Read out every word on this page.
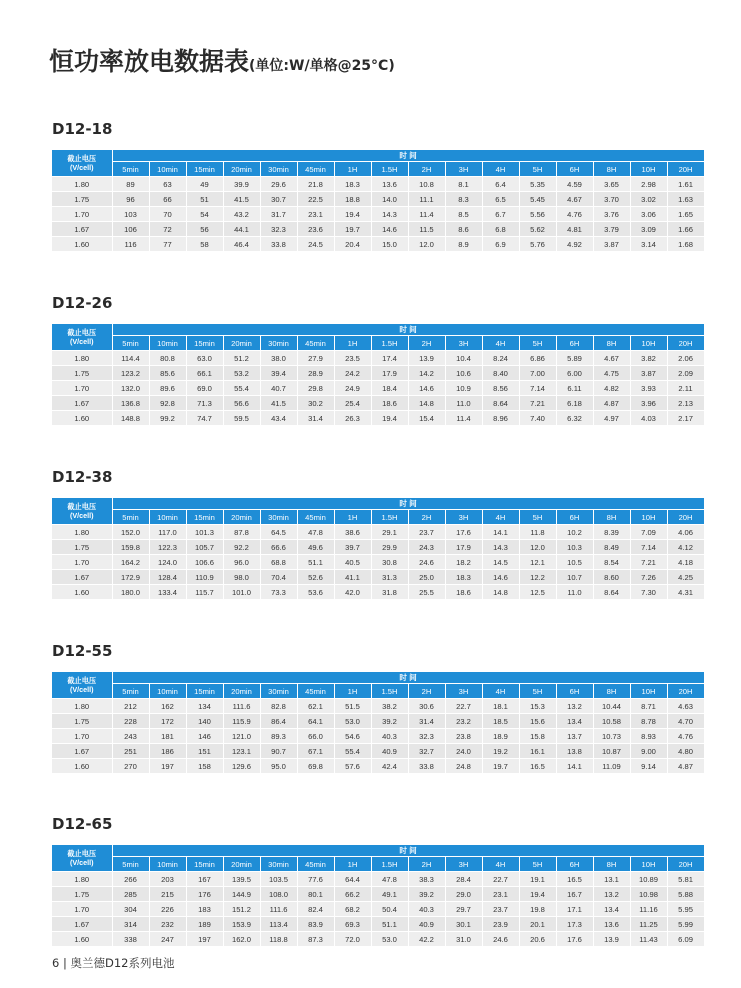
恒功率放电数据表(单位:W/单格@25°C)
D12-18
截止电压
(V/cell)	时 间															
	5min	10min	15min	20min	30min	45min	1H	1.5H	2H	3H	4H	5H	6H	8H	10H	20H
1.80	89	63	49	39.9	29.6	21.8	18.3	13.6	10.8	8.1	6.4	5.35	4.59	3.65	2.98	1.61
1.75	96	66	51	41.5	30.7	22.5	18.8	14.0	11.1	8.3	6.5	5.45	4.67	3.70	3.02	1.63
1.70	103	70	54	43.2	31.7	23.1	19.4	14.3	11.4	8.5	6.7	5.56	4.76	3.76	3.06	1.65
1.67	106	72	56	44.1	32.3	23.6	19.7	14.6	11.5	8.6	6.8	5.62	4.81	3.79	3.09	1.66
1.60	116	77	58	46.4	33.8	24.5	20.4	15.0	12.0	8.9	6.9	5.76	4.92	3.87	3.14	1.68
D12-26
截止电压
(V/cell)	时 间															
	5min	10min	15min	20min	30min	45min	1H	1.5H	2H	3H	4H	5H	6H	8H	10H	20H
1.80	114.4	80.8	63.0	51.2	38.0	27.9	23.5	17.4	13.9	10.4	8.24	6.86	5.89	4.67	3.82	2.06
1.75	123.2	85.6	66.1	53.2	39.4	28.9	24.2	17.9	14.2	10.6	8.40	7.00	6.00	4.75	3.87	2.09
1.70	132.0	89.6	69.0	55.4	40.7	29.8	24.9	18.4	14.6	10.9	8.56	7.14	6.11	4.82	3.93	2.11
1.67	136.8	92.8	71.3	56.6	41.5	30.2	25.4	18.6	14.8	11.0	8.64	7.21	6.18	4.87	3.96	2.13
1.60	148.8	99.2	74.7	59.5	43.4	31.4	26.3	19.4	15.4	11.4	8.96	7.40	6.32	4.97	4.03	2.17
D12-38
截止电压
(V/cell)	时 间															
	5min	10min	15min	20min	30min	45min	1H	1.5H	2H	3H	4H	5H	6H	8H	10H	20H
1.80	152.0	117.0	101.3	87.8	64.5	47.8	38.6	29.1	23.7	17.6	14.1	11.8	10.2	8.39	7.09	4.06
1.75	159.8	122.3	105.7	92.2	66.6	49.6	39.7	29.9	24.3	17.9	14.3	12.0	10.3	8.49	7.14	4.12
1.70	164.2	124.0	106.6	96.0	68.8	51.1	40.5	30.8	24.6	18.2	14.5	12.1	10.5	8.54	7.21	4.18
1.67	172.9	128.4	110.9	98.0	70.4	52.6	41.1	31.3	25.0	18.3	14.6	12.2	10.7	8.60	7.26	4.25
1.60	180.0	133.4	115.7	101.0	73.3	53.6	42.0	31.8	25.5	18.6	14.8	12.5	11.0	8.64	7.30	4.31
D12-55
截止电压
(V/cell)	时 间															
	5min	10min	15min	20min	30min	45min	1H	1.5H	2H	3H	4H	5H	6H	8H	10H	20H
1.80	212	162	134	111.6	82.8	62.1	51.5	38.2	30.6	22.7	18.1	15.3	13.2	10.44	8.71	4.63
1.75	228	172	140	115.9	86.4	64.1	53.0	39.2	31.4	23.2	18.5	15.6	13.4	10.58	8.78	4.70
1.70	243	181	146	121.0	89.3	66.0	54.6	40.3	32.3	23.8	18.9	15.8	13.7	10.73	8.93	4.76
1.67	251	186	151	123.1	90.7	67.1	55.4	40.9	32.7	24.0	19.2	16.1	13.8	10.87	9.00	4.80
1.60	270	197	158	129.6	95.0	69.8	57.6	42.4	33.8	24.8	19.7	16.5	14.1	11.09	9.14	4.87
D12-65
截止电压
(V/cell)	时 间															
	5min	10min	15min	20min	30min	45min	1H	1.5H	2H	3H	4H	5H	6H	8H	10H	20H
1.80	266	203	167	139.5	103.5	77.6	64.4	47.8	38.3	28.4	22.7	19.1	16.5	13.1	10.89	5.81
1.75	285	215	176	144.9	108.0	80.1	66.2	49.1	39.2	29.0	23.1	19.4	16.7	13.2	10.98	5.88
1.70	304	226	183	151.2	111.6	82.4	68.2	50.4	40.3	29.7	23.7	19.8	17.1	13.4	11.16	5.95
1.67	314	232	189	153.9	113.4	83.9	69.3	51.1	40.9	30.1	23.9	20.1	17.3	13.6	11.25	5.99
1.60	338	247	197	162.0	118.8	87.3	72.0	53.0	42.2	31.0	24.6	20.6	17.6	13.9	11.43	6.09
6 | 奥兰德D12系列电池
